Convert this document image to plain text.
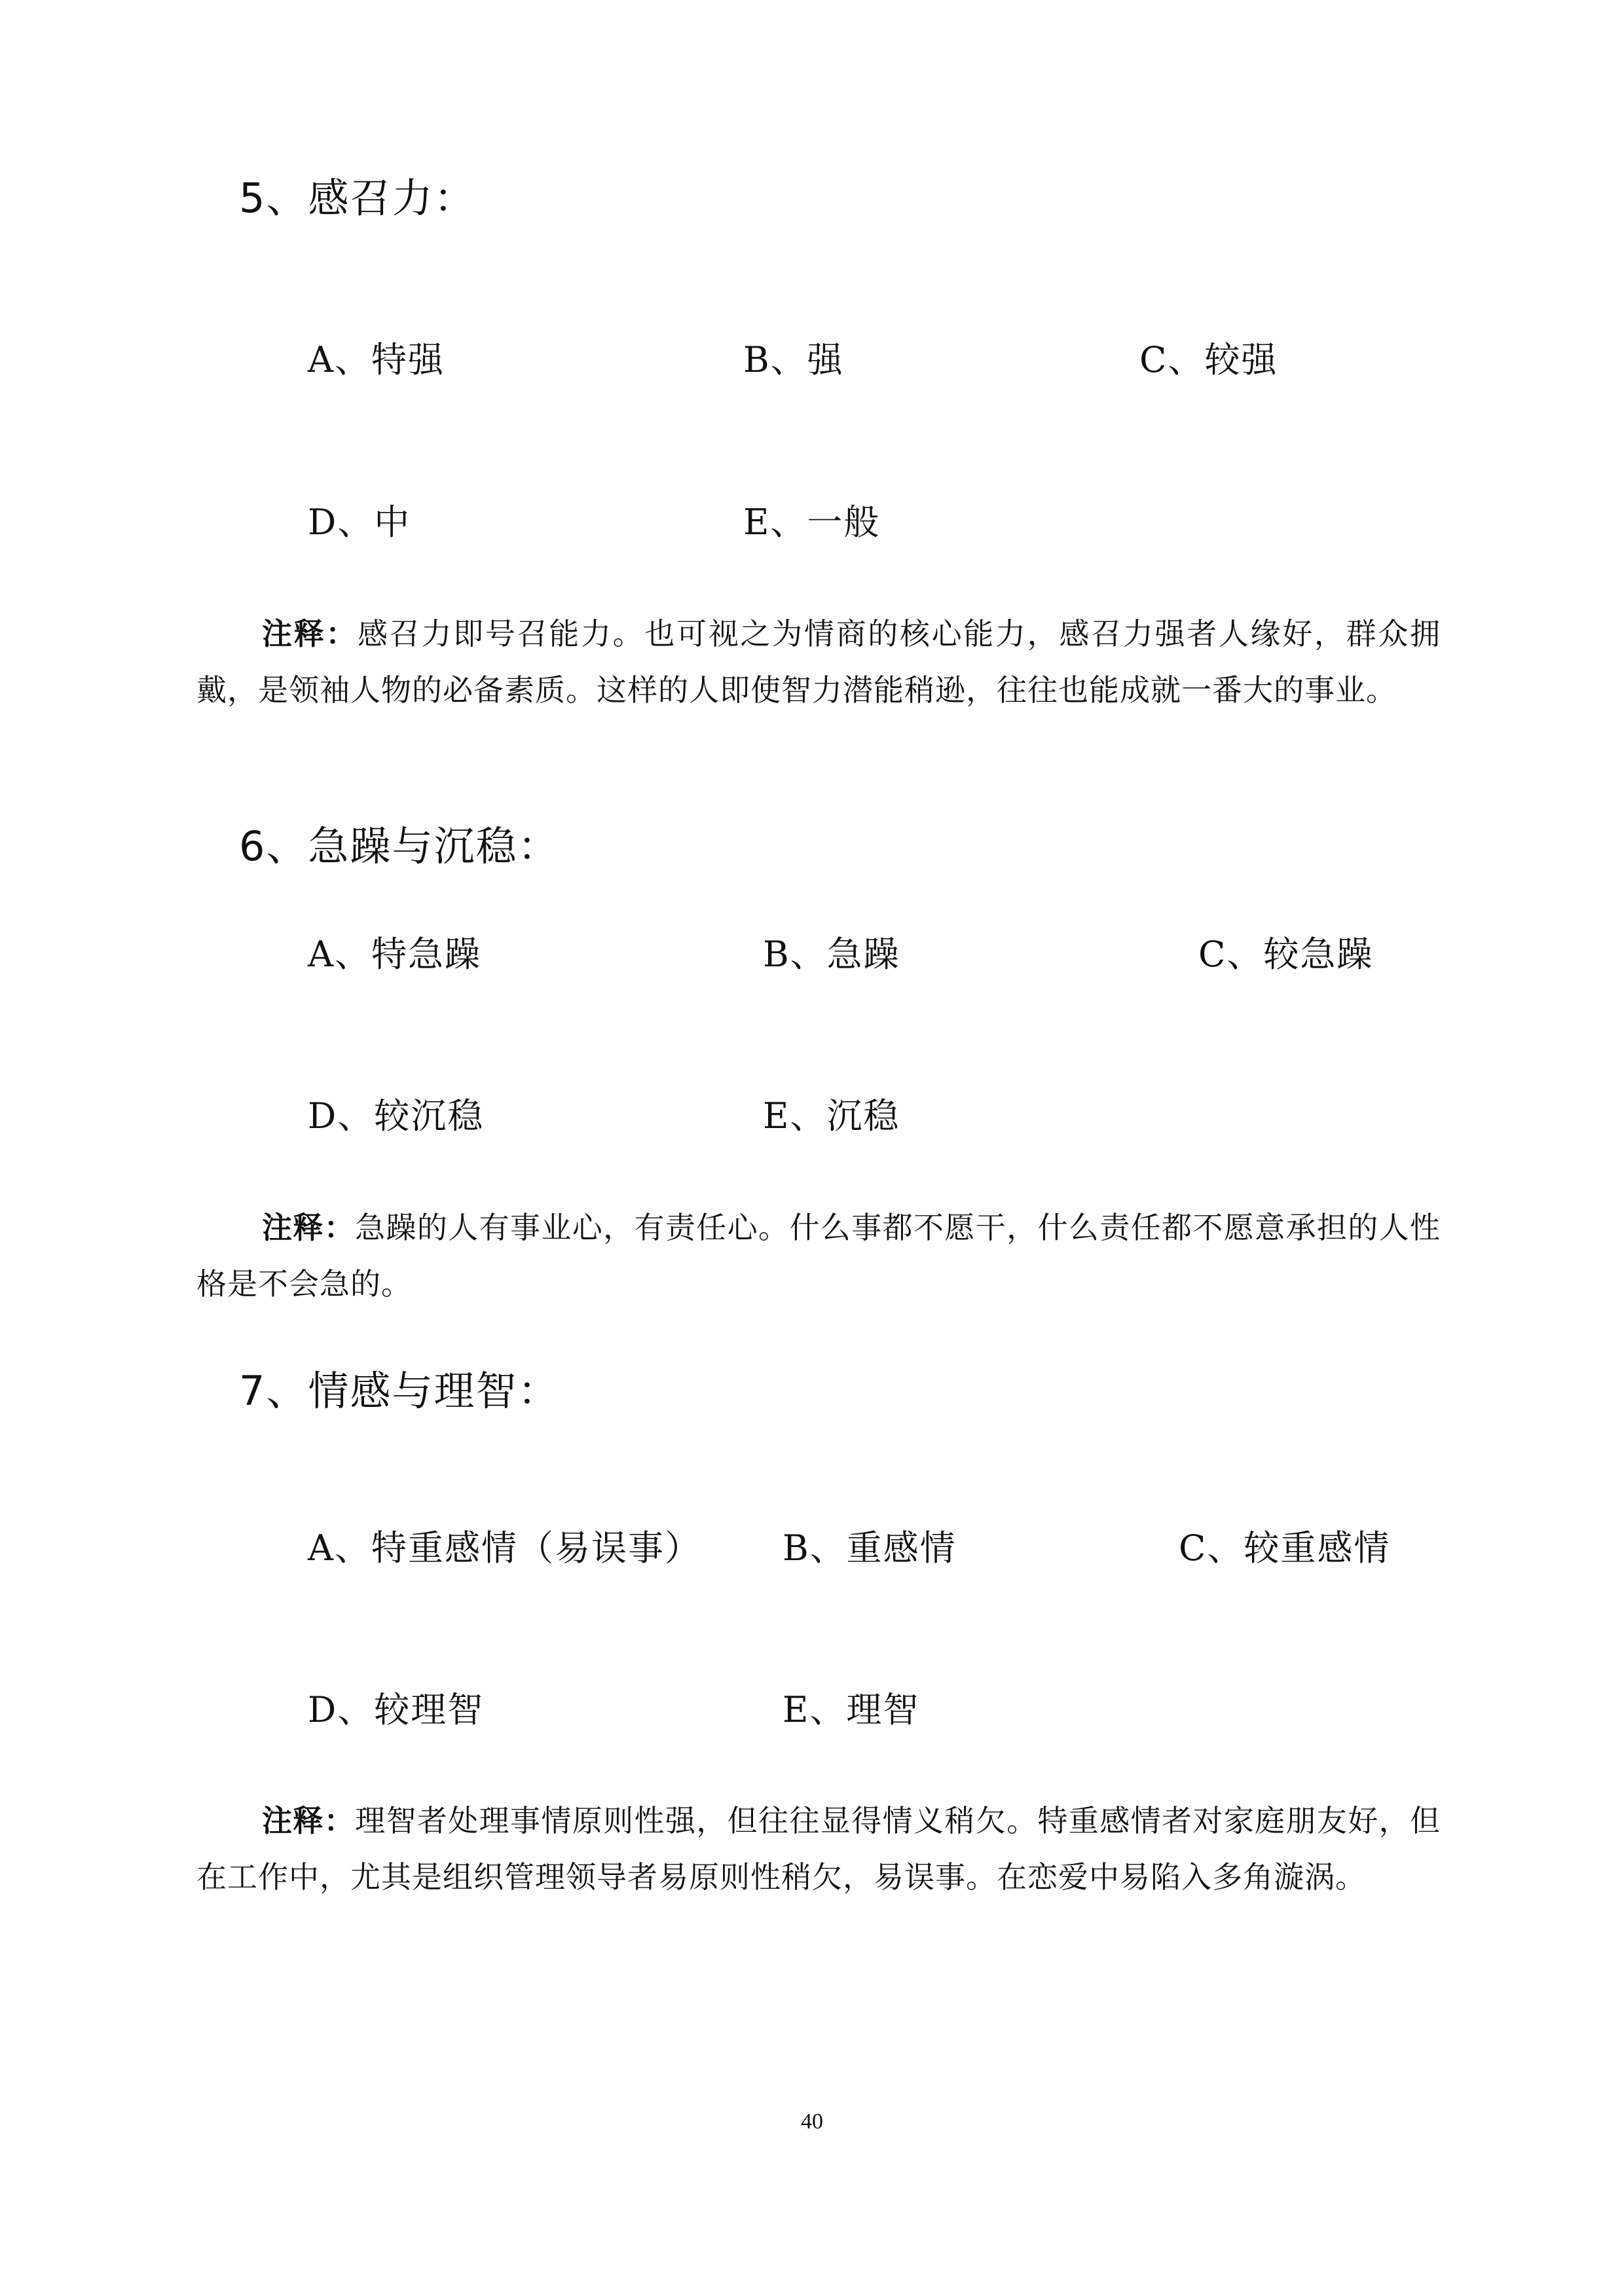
5、感召力：
A、特强	B、强	C、较强
D、中	E、一般
注释：感召力即号召能力。也可视之为情商的核心能力，感召力强者人缘好，群众拥戴，是领袖人物的必备素质。这样的人即使智力潜能稍逊，往往也能成就一番大的事业。
6、急躁与沉稳：
A、特急躁	B、急躁	C、较急躁
D、较沉稳	E、沉稳
注释：急躁的人有事业心，有责任心。什么事都不愿干，什么责任都不愿意承担的人性格是不会急的。
7、情感与理智：
A、特重感情（易误事） B、重感情	C、较重感情
D、较理智	E、理智
注释：理智者处理事情原则性强，但往往显得情义稍欠。特重感情者对家庭朋友好，但在工作中，尤其是组织管理领导者易原则性稍欠，易误事。在恋爱中易陷入多角漩涡。
40
